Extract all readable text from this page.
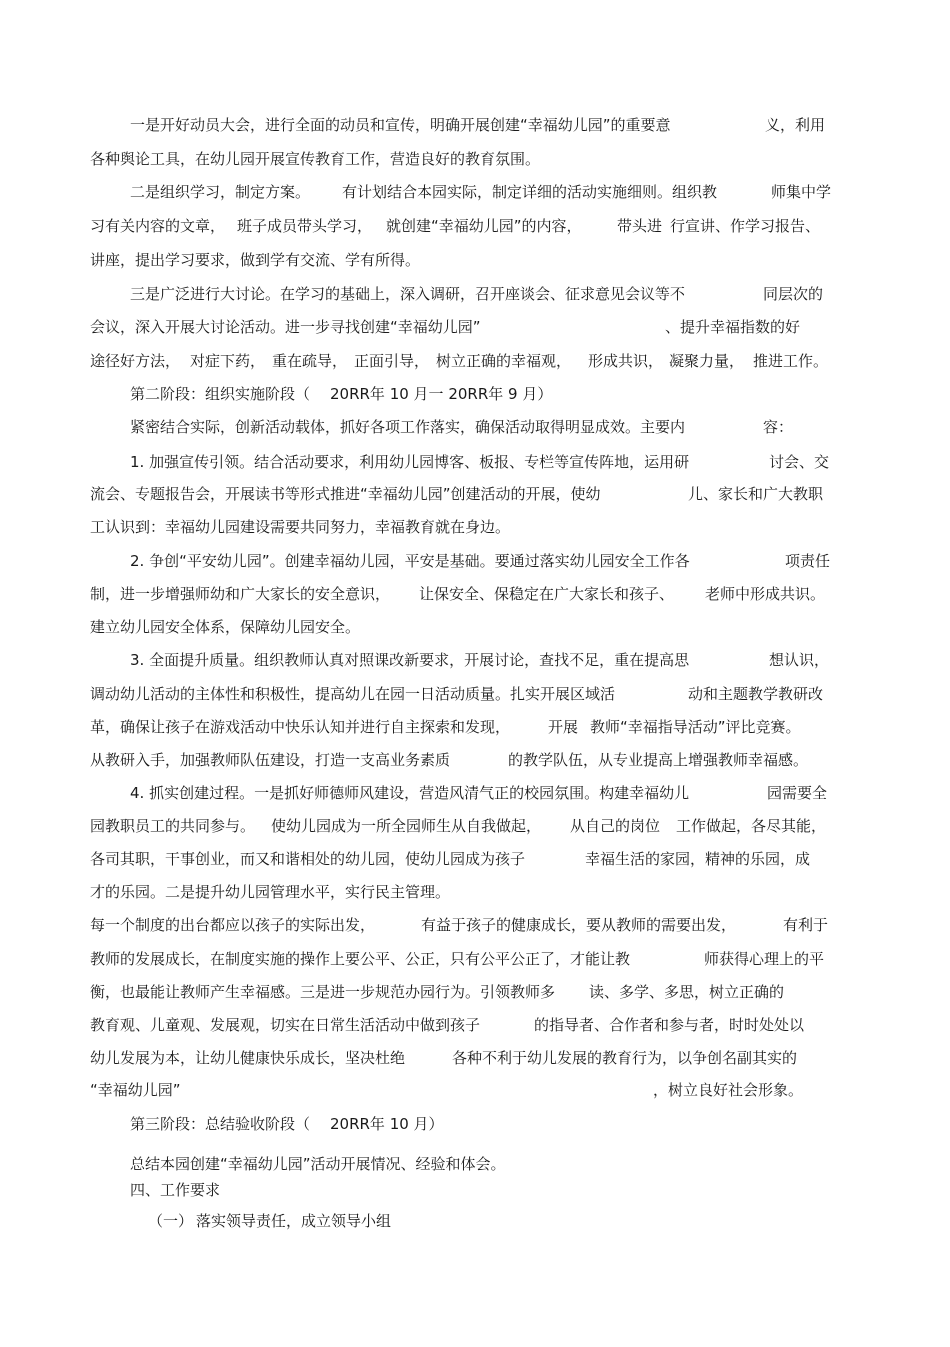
一是开好动员大会，进行全面的动员和宣传，明确开展创建“幸福幼儿园”的重要意	义，利用
各种舆论工具，在幼儿园开展宣传教育工作，营造良好的教育氛围。
二是组织学习，制定方案。 有计划结合本园实际，制定详细的活动实施细则。组织教	师集中学
习有关内容的文章， 班子成员带头学习， 就创建“幸福幼儿园”的内容， 带头进 行宣讲、作学习报告、
讲座，提出学习要求，做到学有交流、学有所得。
三是广泛进行大讨论。在学习的基础上，深入调研，召开座谈会、征求意见会议等不	同层次的
会议，深入开展大讨论活动。进一步寻找创建“幸福幼儿园”	、提升幸福指数的好
途径好方法， 对症下药， 重在疏导， 正面引导， 树立正确的幸福观， 形成共识， 凝聚力量， 推进工作。
第二阶段：组织实施阶段（ 20RR年 10 月一 20RR年 9 月）
紧密结合实际，创新活动载体，抓好各项工作落实，确保活动取得明显成效。主要内	容：
1. 加强宣传引领。结合活动要求，利用幼儿园博客、板报、专栏等宣传阵地，运用研	讨会、交
流会、专题报告会，开展读书等形式推进“幸福幼儿园”创建活动的开展，使幼	儿、家长和广大教职
工认识到：幸福幼儿园建设需要共同努力，幸福教育就在身边。
2. 争创“平安幼儿园”。创建幸福幼儿园，平安是基础。要通过落实幼儿园安全工作各	项责任
制，进一步增强师幼和广大家长的安全意识， 让保安全、保稳定在广大家长和孩子、 老师中形成共识。
建立幼儿园安全体系，保障幼儿园安全。
3. 全面提升质量。组织教师认真对照课改新要求，开展讨论，查找不足，重在提高思	想认识，
调动幼儿活动的主体性和积极性，提高幼儿在园一日活动质量。扎实开展区域活	动和主题教学教研改
革，确保让孩子在游戏活动中快乐认知并进行自主探索和发现，	开展 教师“幸福指导活动”评比竞赛。
从教研入手，加强教师队伍建设，打造一支高业务素质	的教学队伍，从专业提高上增强教师幸福感。
4. 抓实创建过程。一是抓好师德师风建设，营造风清气正的校园氛围。构建幸福幼儿	园需要全
园教职员工的共同参与。 使幼儿园成为一所全园师生从自我做起， 从自己的岗位 工作做起，各尽其能，
各司其职，干事创业，而又和谐相处的幼儿园，使幼儿园成为孩子	幸福生活的家园，精神的乐园，成
才的乐园。二是提升幼儿园管理水平，实行民主管理。
每一个制度的出台都应以孩子的实际出发，	有益于孩子的健康成长，要从教师的需要出发，	有利于
教师的发展成长，在制度实施的操作上要公平、公正，只有公平公正了，才能让教	师获得心理上的平
衡，也最能让教师产生幸福感。三是进一步规范办园行为。引领教师多 读、多学、多思，树立正确的
教育观、儿童观、发展观，切实在日常生活活动中做到孩子	的指导者、合作者和参与者，时时处处以
幼儿发展为本，让幼儿健康快乐成长，坚决杜绝	各种不利于幼儿发展的教育行为，以争创名副其实的
“幸福幼儿园”	，树立良好社会形象。
第三阶段：总结验收阶段（ 20RR年 10 月）
总结本园创建“幸福幼儿园”活动开展情况、经验和体会。
四、工作要求
（一） 落实领导责任，成立领导小组
